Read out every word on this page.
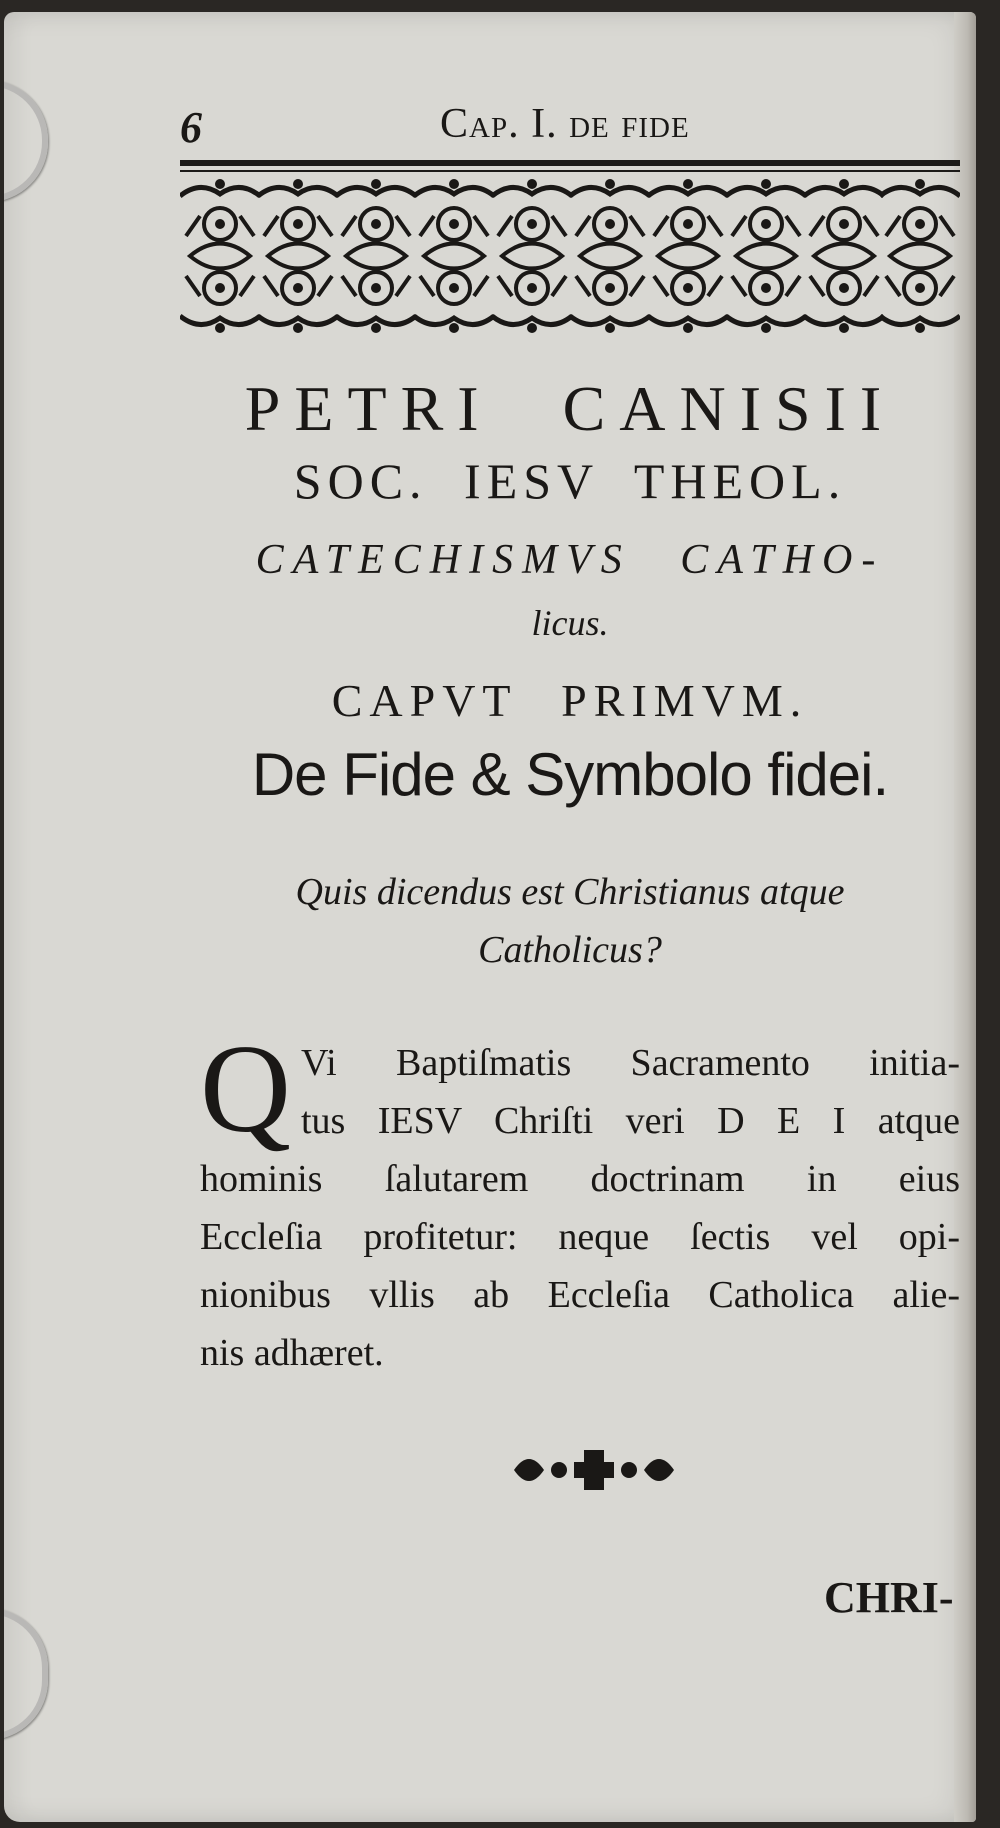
6	Cap. I. de fide
PETRI CANISII
SOC. IESV THEOL.
CATECHISMVS CATHO-
licus.
CAPVT PRIMVM.
De Fide & Symbolo fidei.
Quis dicendus est Christianus atque
Catholicus?
Q Vi Baptiſmatis Sacramento initia-
tus IESV Chriſti veri D E I atque
hominis ſalutarem doctrinam in eius
Eccleſia profitetur: neque ſectis vel opi-
nionibus vllis ab Eccleſia Catholica alie-
nis adhæret.
CHRI-
